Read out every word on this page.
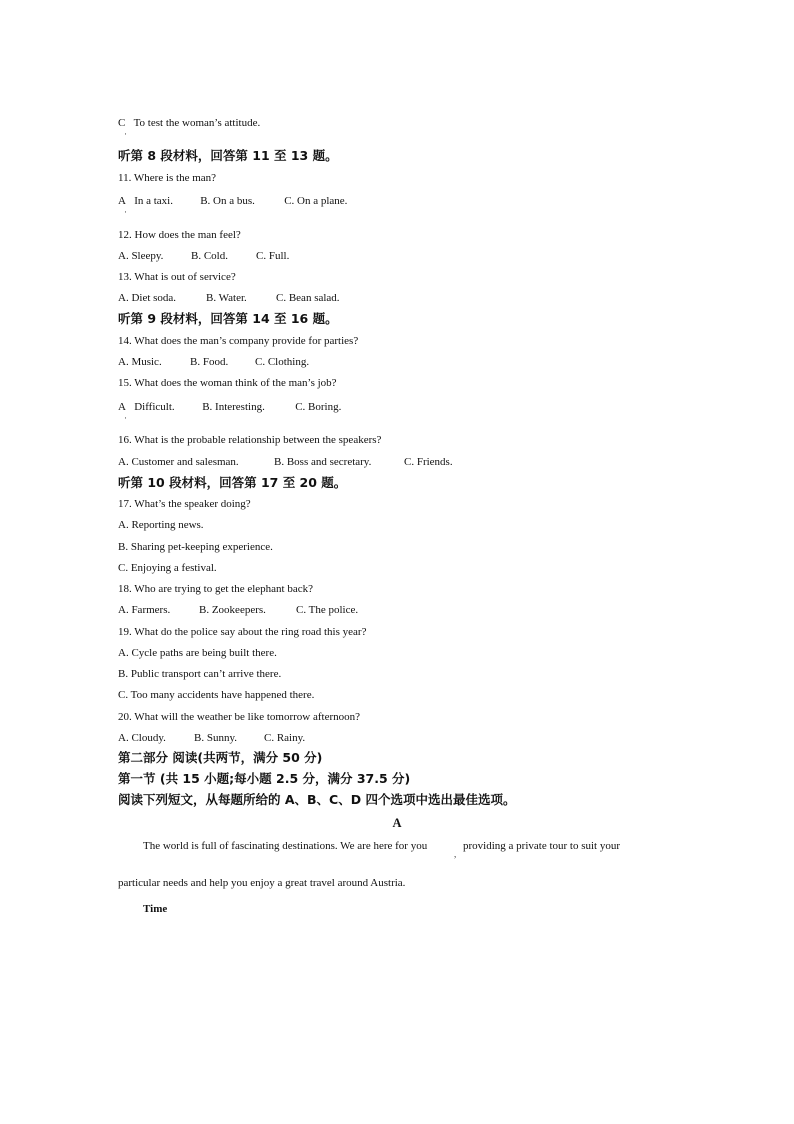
C To test the woman’s attitude.
·
听第 8 段材料，回答第 11 至 13 题。
11. Where is the man?
A In a taxi. B. On a bus.	C. On a plane.
·
12. How does the man feel?
A. Sleepy.	B. Cold.	C. Full.
13. What is out of service?
A. Diet soda.	B. Water.	C. Bean salad.
听第 9 段材料，回答第 14 至 16 题。
14. What does the man’s company provide for parties?
A. Music.	B. Food. C. Clothing.
15. What does the woman think of the man’s job?
A Difficult.	B. Interesting.	C. Boring.
·
16. What is the probable relationship between the speakers?
A. Customer and salesman.	B. Boss and secretary.	C. Friends.
听第 10 段材料，回答第 17 至 20 题。
17. What’s the speaker doing?
A. Reporting news.
B. Sharing pet-keeping experience.
C. Enjoying a festival.
18. Who are trying to get the elephant back?
A. Farmers.	B. Zookeepers.	C. The police.
19. What do the police say about the ring road this year?
A. Cycle paths are being built there.
B. Public transport can’t arrive there.
C. Too many accidents have happened there.
20. What will the weather be like tomorrow afternoon?
A. Cloudy.	B. Sunny. C. Rainy.
第二部分 阅读(共两节，满分 50 分)
第一节 (共 15 小题;每小题 2.5 分，满分 37.5 分)
阅读下列短文，从每题所给的 A、B、C、D 四个选项中选出最佳选项。
A
The world is full of fascinating destinations. We are here for you
,
providing a private tour to suit your
particular needs and help you enjoy a great travel around Austria.
Time
